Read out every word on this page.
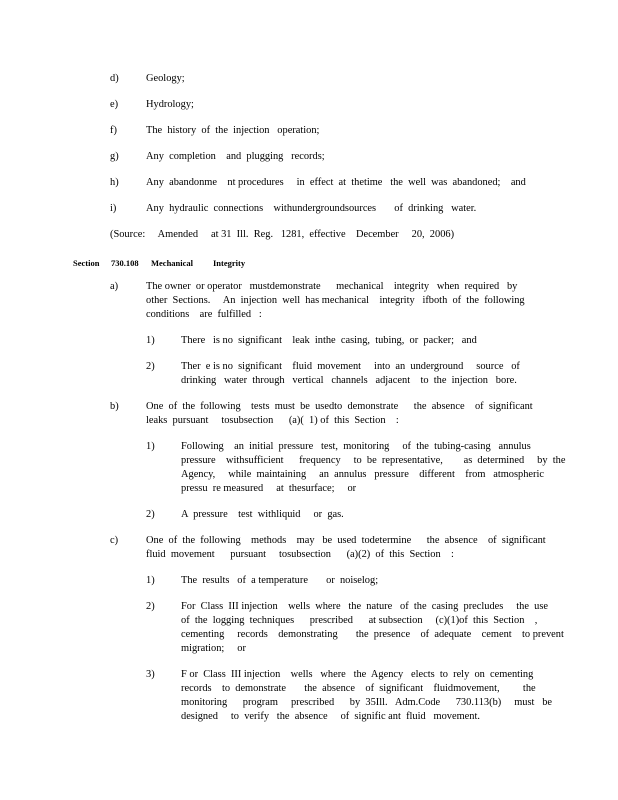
d)	Geology;
e)	Hydrology;
f)	The  history  of  the  injection   operation;
g)	Any  completion    and  plugging   records;
h)	Any  abandonme    nt procedures     in  effect  at  thetime   the  well  was  abandoned;    and
i)	Any  hydraulic  connections    withundergroundsources       of  drinking   water.
(Source:     Amended     at 31  Ill.  Reg.   1281,  effective    December     20,  2006)
Section 730.108 Mechanical Integrity
a)	The owner  or operator   mustdemonstrate      mechanical    integrity   when  required   by
other  Sections.     An  injection  well  has mechanical    integrity   ifboth  of  the  following
conditions    are  fulfilled   :
1)	There   is no  significant    leak  inthe  casing,  tubing,  or  packer;   and
2)	Ther  e is no  significant    fluid  movement     into  an  underground     source   of
drinking   water  through   vertical   channels   adjacent    to  the  injection   bore.
b)	One  of  the  following    tests  must  be  usedto  demonstrate      the  absence    of  significant
leaks  pursuant     tosubsection      (a)(  1) of  this  Section    :
1)	Following    an  initial  pressure   test,  monitoring     of  the  tubing-casing   annulus
pressure    withsufficient      frequency     to  be  representative,        as  determined     by  the
Agency,     while  maintaining     an  annulus   pressure    different    from   atmospheric
pressu  re measured     at  thesurface;     or
2)	A  pressure    test  withliquid     or  gas.
c)	One  of  the  following    methods    may   be  used  todetermine      the  absence    of  significant
fluid  movement      pursuant     tosubsection      (a)(2)  of  this  Section    :
1)	The  results   of  a temperature       or  noiselog;
2)	For  Class  III injection    wells  where   the  nature   of  the  casing  precludes     the  use
of  the  logging  techniques      prescribed      at subsection     (c)(1)of  this  Section    ,
cementing     records    demonstrating       the  presence    of  adequate    cement    to prevent
migration;     or
3)	F or  Class  III injection    wells   where   the  Agency   elects  to  rely  on  cementing
records    to  demonstrate       the  absence    of  significant    fluidmovement,         the
monitoring      program     prescribed      by  35Ill.   Adm.Code      730.113(b)     must   be
designed     to  verify   the  absence     of  signific ant  fluid   movement.
